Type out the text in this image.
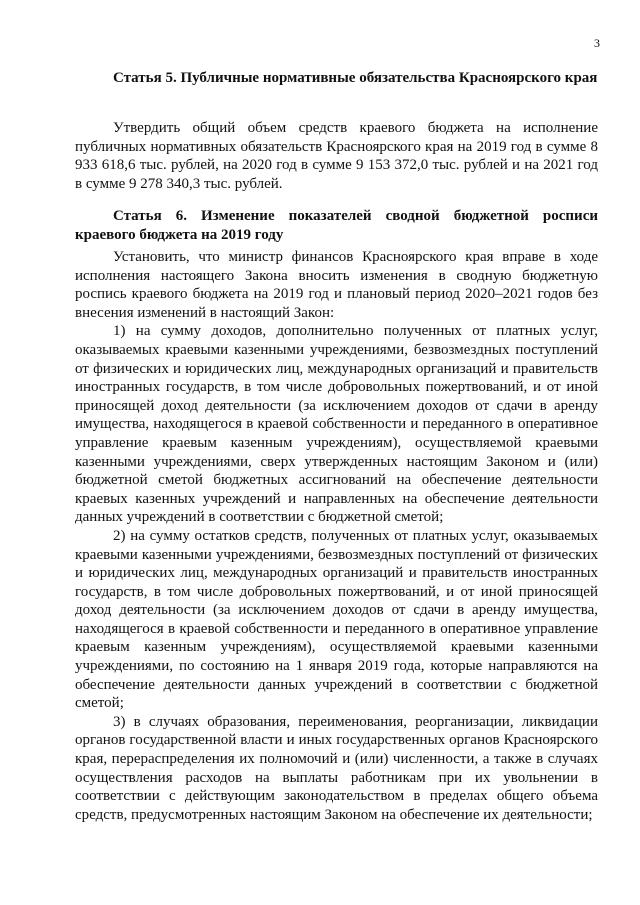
3
Статья 5. Публичные нормативные обязательства Красноярского края

Утвердить общий объем средств краевого бюджета на исполнение публичных нормативных обязательств Красноярского края на 2019 год в сумме 8 933 618,6 тыс. рублей, на 2020 год в сумме 9 153 372,0 тыс. рублей и на 2021 год в сумме 9 278 340,3 тыс. рублей.

Статья 6. Изменение показателей сводной бюджетной росписи краевого бюджета на 2019 году

Установить, что министр финансов Красноярского края вправе в ходе исполнения настоящего Закона вносить изменения в сводную бюджетную роспись краевого бюджета на 2019 год и плановый период 2020–2021 годов без внесения изменений в настоящий Закон:

1) на сумму доходов, дополнительно полученных от платных услуг, оказываемых краевыми казенными учреждениями, безвозмездных поступлений от физических и юридических лиц, международных организаций и правительств иностранных государств, в том числе добровольных пожертвований, и от иной приносящей доход деятельности (за исключением доходов от сдачи в аренду имущества, находящегося в краевой собственности и переданного в оперативное управление краевым казенным учреждениям), осуществляемой краевыми казенными учреждениями, сверх утвержденных настоящим Законом и (или) бюджетной сметой бюджетных ассигнований на обеспечение деятельности краевых казенных учреждений и направленных на обеспечение деятельности данных учреждений в соответствии с бюджетной сметой;

2) на сумму остатков средств, полученных от платных услуг, оказываемых краевыми казенными учреждениями, безвозмездных поступлений от физических и юридических лиц, международных организаций и правительств иностранных государств, в том числе добровольных пожертвований, и от иной приносящей доход деятельности (за исключением доходов от сдачи в аренду имущества, находящегося в краевой собственности и переданного в оперативное управление краевым казенным учреждениям), осуществляемой краевыми казенными учреждениями, по состоянию на 1 января 2019 года, которые направляются на обеспечение деятельности данных учреждений в соответствии с бюджетной сметой;

3) в случаях образования, переименования, реорганизации, ликвидации органов государственной власти и иных государственных органов Красноярского края, перераспределения их полномочий и (или) численности, а также в случаях осуществления расходов на выплаты работникам при их увольнении в соответствии с действующим законодательством в пределах общего объема средств, предусмотренных настоящим Законом на обеспечение их деятельности;
